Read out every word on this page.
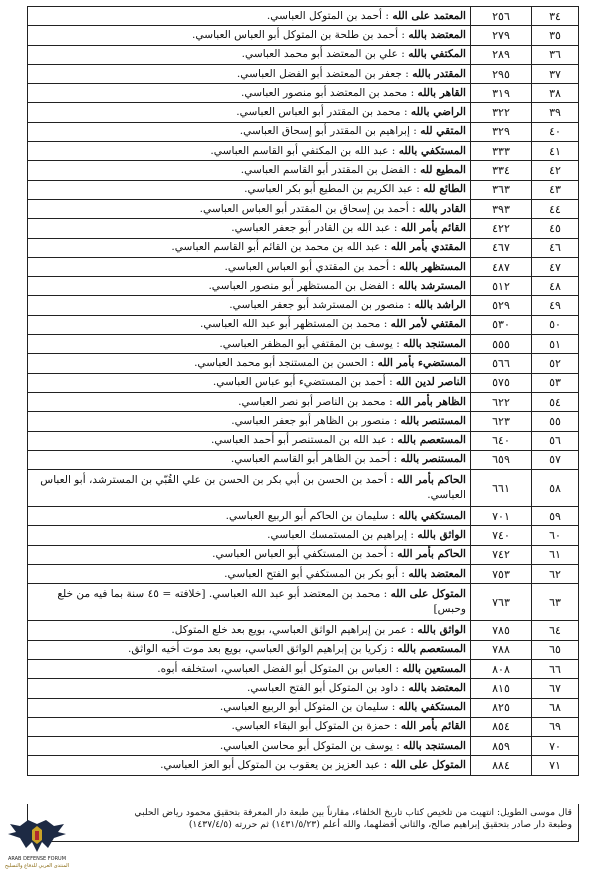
٣٤	٢٥٦	المعتمد على الله : أحمد بن المتوكل العباسي.
٣٥	٢٧٩	المعتضد بالله : أحمد بن طلحة بن المتوكل أبو العباس العباسي.
٣٦	٢٨٩	المكتفي بالله : علي بن المعتضد أبو محمد العباسي.
٣٧	٢٩٥	المقتدر بالله : جعفر بن المعتضد أبو الفضل العباسي.
٣٨	٣١٩	القاهر بالله : محمد بن المعتضد أبو منصور العباسي.
٣٩	٣٢٢	الراضي بالله : محمد بن المقتدر أبو العباس العباسي.
٤٠	٣٢٩	المتقي لله : إبراهيم بن المقتدر أبو إسحاق العباسي.
٤١	٣٣٣	المستكفي بالله : عبد الله بن المكتفي أبو القاسم العباسي.
٤٢	٣٣٤	المطيع لله : الفضل بن المقتدر أبو القاسم العباسي.
٤٣	٣٦٣	الطائع لله : عبد الكريم بن المطيع أبو بكر العباسي.
٤٤	٣٩٣	القادر بالله : أحمد بن إسحاق بن المقتدر أبو العباس العباسي.
٤٥	٤٢٢	القائم بأمر الله : عبد الله بن القادر أبو جعفر العباسي.
٤٦	٤٦٧	المقتدي بأمر الله : عبد الله بن محمد بن القائم أبو القاسم العباسي.
٤٧	٤٨٧	المستظهر بالله : أحمد بن المقتدي أبو العباس العباسي.
٤٨	٥١٢	المسترشد بالله : الفضل بن المستظهر أبو منصور العباسي.
٤٩	٥٢٩	الراشد بالله : منصور بن المسترشد أبو جعفر العباسي.
٥٠	٥٣٠	المقتفي لأمر الله : محمد بن المستظهر أبو عبد الله العباسي.
٥١	٥٥٥	المستنجد بالله : يوسف بن المقتفي أبو المظفر العباسي.
٥٢	٥٦٦	المستضيء بأمر الله : الحسن بن المستنجد أبو محمد العباسي.
٥٣	٥٧٥	الناصر لدين الله : أحمد بن المستضيء أبو عباس العباسي.
٥٤	٦٢٢	الظاهر بأمر الله : محمد بن الناصر أبو نصر العباسي.
٥٥	٦٢٣	المستنصر بالله : منصور بن الظاهر أبو جعفر العباسي.
٥٦	٦٤٠	المستعصم بالله : عبد الله بن المستنصر أبو أحمد العباسي.
٥٧	٦٥٩	المستنصر بالله : أحمد بن الظاهر أبو القاسم العباسي.
٥٨	٦٦١	الحاكم بأمر الله : أحمد بن الحسن بن أبي بكر بن الحسن بن علي القُبّي بن المسترشد، أبو العباس العباسي.
٥٩	٧٠١	المستكفي بالله : سليمان بن الحاكم أبو الربيع العباسي.
٦٠	٧٤٠	الواثق بالله : إبراهيم بن المستمسك العباسي.
٦١	٧٤٢	الحاكم بأمر الله : أحمد بن المستكفي أبو العباس العباسي.
٦٢	٧٥٣	المعتضد بالله : أبو بكر بن المستكفي أبو الفتح العباسي.
٦٣	٧٦٣	المتوكل على الله : محمد بن المعتضد أبو عبد الله العباسي. [خلافته = ٤٥ سنة بما فيه من خلع وحبس]
٦٤	٧٨٥	الواثق بالله : عمر بن إبراهيم الواثق العباسي، بويع بعد خلع المتوكل.
٦٥	٧٨٨	المستعصم بالله : زكريا بن إبراهيم الواثق العباسي، بويع بعد موت أخيه الواثق.
٦٦	٨٠٨	المستعين بالله : العباس بن المتوكل أبو الفضل العباسي، استخلفه أبوه.
٦٧	٨١٥	المعتضد بالله : داود بن المتوكل أبو الفتح العباسي.
٦٨	٨٢٥	المستكفي بالله : سليمان بن المتوكل أبو الربيع العباسي.
٦٩	٨٥٤	القائم بأمر الله : حمزة بن المتوكل أبو البقاء العباسي.
٧٠	٨٥٩	المستنجد بالله : يوسف بن المتوكل أبو محاسن العباسي.
٧١	٨٨٤	المتوكل على الله : عبد العزيز بن يعقوب بن المتوكل أبو العز العباسي.
قال موسى الطويل: انتهيت من تلخيص كتاب تاريخ الخلفاء، مقارناً بين طبعة دار المعرفة بتحقيق محمود رياض الحلبي
وطبعة دار صادر بتحقيق إبراهيم صالح، والثاني أفضلهما، والله أعلم (١٤٣١/٥/٢٣) ثم حررته (١٤٣٧/٤/٥)
ARAB DEFENSE FORUM
المنتدى العربي للدفاع والتسليح
